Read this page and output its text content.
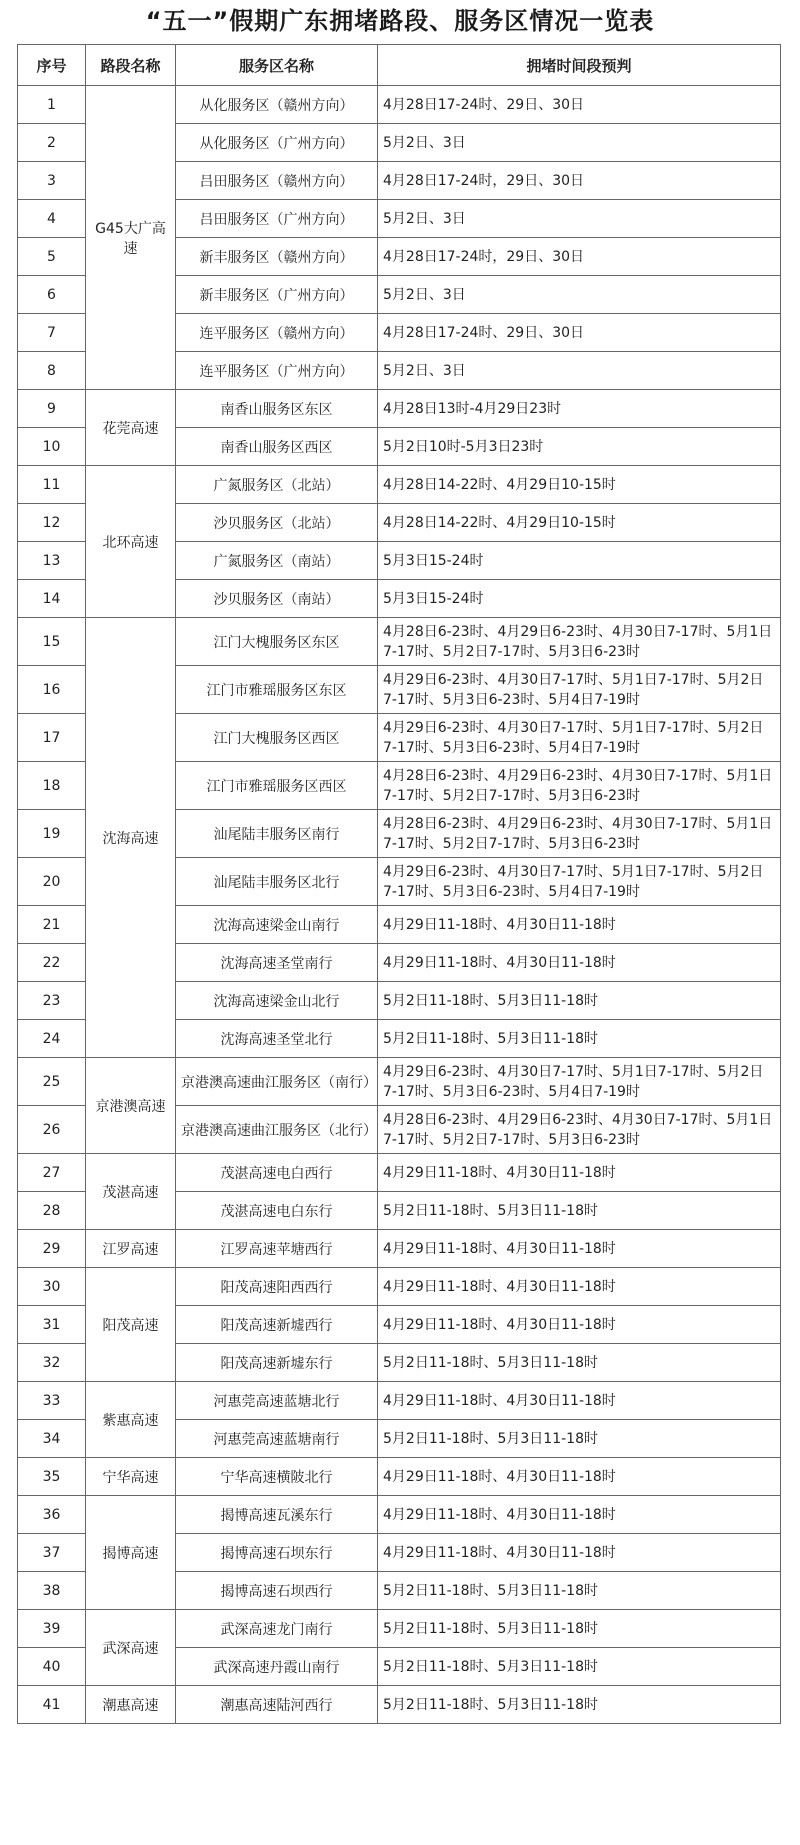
“五一”假期广东拥堵路段、服务区情况一览表
序号	路段名称	服务区名称	拥堵时间段预判
1	G45大广高速	从化服务区（赣州方向）	4月28日17-24时、29日、30日
2		从化服务区（广州方向）	5月2日、3日
3		吕田服务区（赣州方向）	4月28日17-24时，29日、30日
4		吕田服务区（广州方向）	5月2日、3日
5		新丰服务区（赣州方向）	4月28日17-24时，29日、30日
6		新丰服务区（广州方向）	5月2日、3日
7		连平服务区（赣州方向）	4月28日17-24时、29日、30日
8		连平服务区（广州方向）	5月2日、3日
9	花莞高速	南香山服务区东区	4月28日13时-4月29日23时
10		南香山服务区西区	5月2日10时-5月3日23时
11	北环高速	广氮服务区（北站）	4月28日14-22时、4月29日10-15时
12		沙贝服务区（北站）	4月28日14-22时、4月29日10-15时
13		广氮服务区（南站）	5月3日15-24时
14		沙贝服务区（南站）	5月3日15-24时
15	沈海高速	江门大槐服务区东区	4月28日6-23时、4月29日6-23时、4月30日7-17时、5月1日7-17时、5月2日7-17时、5月3日6-23时
16		江门市雅瑶服务区东区	4月29日6-23时、4月30日7-17时、5月1日7-17时、5月2日7-17时、5月3日6-23时、5月4日7-19时
17		江门大槐服务区西区	4月29日6-23时、4月30日7-17时、5月1日7-17时、5月2日7-17时、5月3日6-23时、5月4日7-19时
18		江门市雅瑶服务区西区	4月28日6-23时、4月29日6-23时、4月30日7-17时、5月1日7-17时、5月2日7-17时、5月3日6-23时
19		汕尾陆丰服务区南行	4月28日6-23时、4月29日6-23时、4月30日7-17时、5月1日7-17时、5月2日7-17时、5月3日6-23时
20		汕尾陆丰服务区北行	4月29日6-23时、4月30日7-17时、5月1日7-17时、5月2日7-17时、5月3日6-23时、5月4日7-19时
21		沈海高速梁金山南行	4月29日11-18时、4月30日11-18时
22		沈海高速圣堂南行	4月29日11-18时、4月30日11-18时
23		沈海高速梁金山北行	5月2日11-18时、5月3日11-18时
24		沈海高速圣堂北行	5月2日11-18时、5月3日11-18时
25	京港澳高速	京港澳高速曲江服务区（南行）	4月29日6-23时、4月30日7-17时、5月1日7-17时、5月2日7-17时、5月3日6-23时、5月4日7-19时
26		京港澳高速曲江服务区（北行）	4月28日6-23时、4月29日6-23时、4月30日7-17时、5月1日7-17时、5月2日7-17时、5月3日6-23时
27	茂湛高速	茂湛高速电白西行	4月29日11-18时、4月30日11-18时
28		茂湛高速电白东行	5月2日11-18时、5月3日11-18时
29	江罗高速	江罗高速苹塘西行	4月29日11-18时、4月30日11-18时
30	阳茂高速	阳茂高速阳西西行	4月29日11-18时、4月30日11-18时
31		阳茂高速新墟西行	4月29日11-18时、4月30日11-18时
32		阳茂高速新墟东行	5月2日11-18时、5月3日11-18时
33	紫惠高速	河惠莞高速蓝塘北行	4月29日11-18时、4月30日11-18时
34		河惠莞高速蓝塘南行	5月2日11-18时、5月3日11-18时
35	宁华高速	宁华高速横陂北行	4月29日11-18时、4月30日11-18时
36	揭博高速	揭博高速瓦溪东行	4月29日11-18时、4月30日11-18时
37		揭博高速石坝东行	4月29日11-18时、4月30日11-18时
38		揭博高速石坝西行	5月2日11-18时、5月3日11-18时
39	武深高速	武深高速龙门南行	5月2日11-18时、5月3日11-18时
40		武深高速丹霞山南行	5月2日11-18时、5月3日11-18时
41	潮惠高速	潮惠高速陆河西行	5月2日11-18时、5月3日11-18时
